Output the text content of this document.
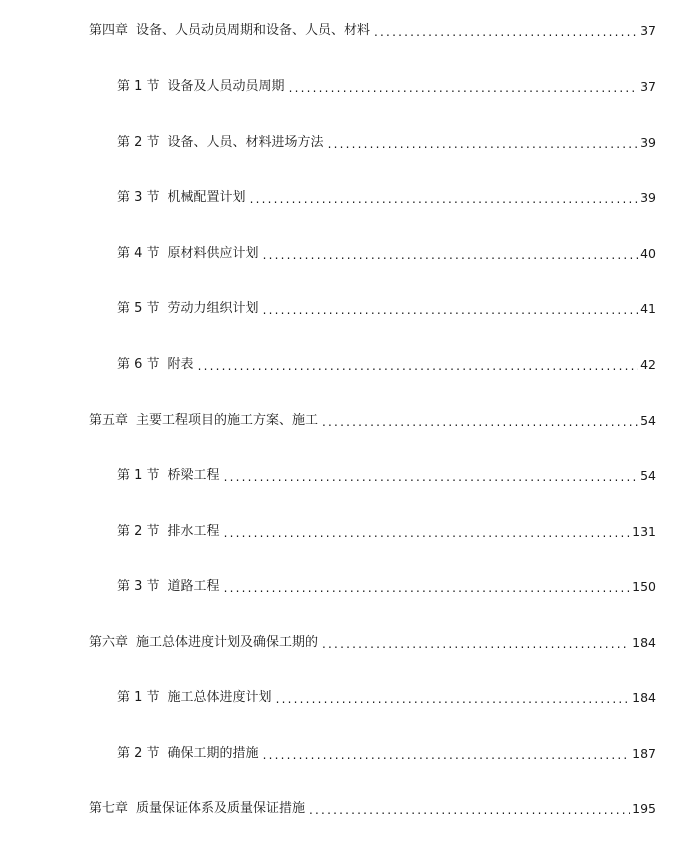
第四章 设备、人员动员周期和设备、人员、材料 .....	37
第 1 节 设备及人员动员周期 .....	37
第 2 节 设备、人员、材料进场方法 .....	39
第 3 节 机械配置计划 .....	39
第 4 节 原材料供应计划 .....	40
第 5 节 劳动力组织计划 .....	41
第 6 节 附表 .....	42
第五章 主要工程项目的施工方案、施工 .....	54
第 1 节 桥梁工程 .....	54
第 2 节 排水工程 .....	131
第 3 节 道路工程 .....	150
第六章 施工总体进度计划及确保工期的 .....	184
第 1 节 施工总体进度计划 .....	184
第 2 节 确保工期的措施 .....	187
第七章 质量保证体系及质量保证措施 .....	195
